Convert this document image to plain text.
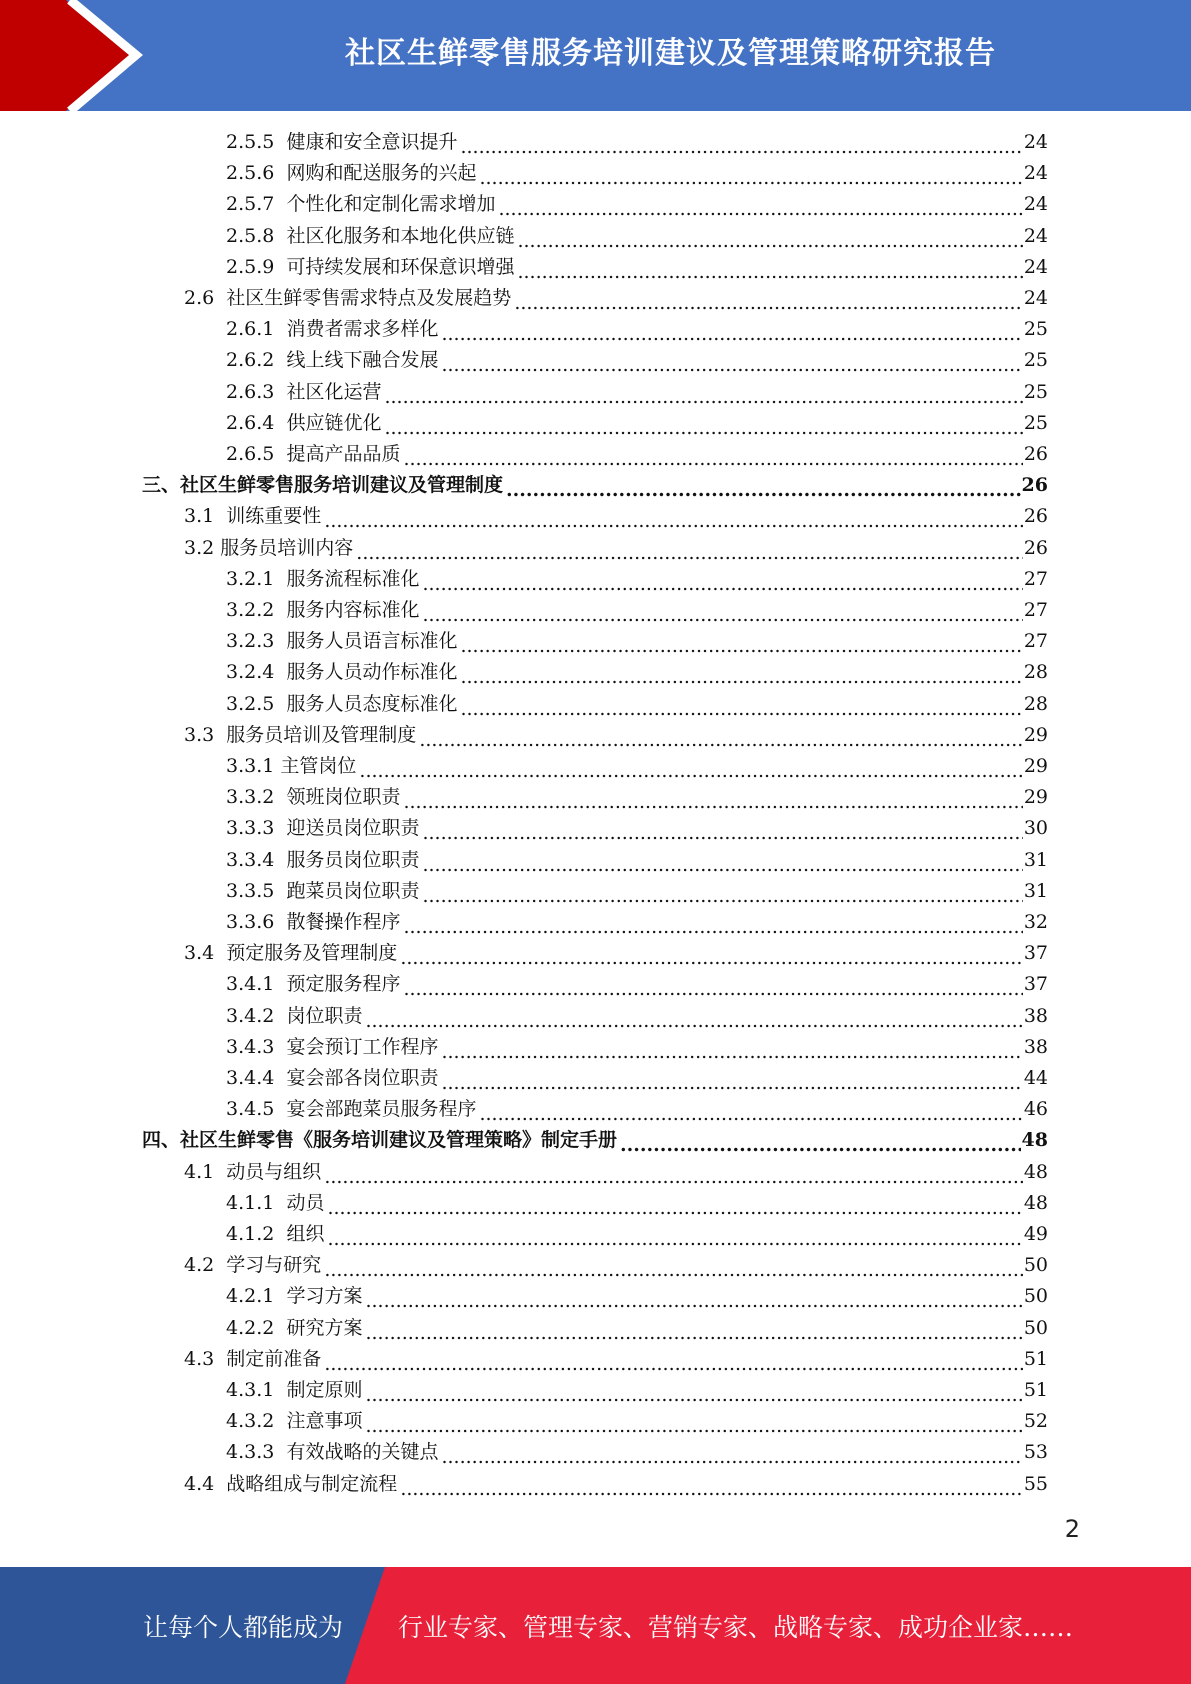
社区生鲜零售服务培训建议及管理策略研究报告
2.5.5 健康和安全意识提升 .....	24
2.5.6 网购和配送服务的兴起 .....	24
2.5.7 个性化和定制化需求增加 .....	24
2.5.8 社区化服务和本地化供应链 .....	24
2.5.9 可持续发展和环保意识增强 .....	24
2.6 社区生鲜零售需求特点及发展趋势 .....	24
2.6.1 消费者需求多样化 .....	25
2.6.2 线上线下融合发展 .....	25
2.6.3 社区化运营 .....	25
2.6.4 供应链优化 .....	25
2.6.5 提高产品品质 .....	26
三、社区生鲜零售服务培训建议及管理制度 .....	26
3.1 训练重要性 .....	26
3.2 服务员培训内容 .....	26
3.2.1 服务流程标准化 .....	27
3.2.2 服务内容标准化 .....	27
3.2.3 服务人员语言标准化 .....	27
3.2.4 服务人员动作标准化 .....	28
3.2.5 服务人员态度标准化 .....	28
3.3 服务员培训及管理制度 .....	29
3.3.1 主管岗位 .....	29
3.3.2 领班岗位职责 .....	29
3.3.3 迎送员岗位职责 .....	30
3.3.4 服务员岗位职责 .....	31
3.3.5 跑菜员岗位职责 .....	31
3.3.6 散餐操作程序 .....	32
3.4 预定服务及管理制度 .....	37
3.4.1 预定服务程序 .....	37
3.4.2 岗位职责 .....	38
3.4.3 宴会预订工作程序 .....	38
3.4.4 宴会部各岗位职责 .....	44
3.4.5 宴会部跑菜员服务程序 .....	46
四、社区生鲜零售《服务培训建议及管理策略》制定手册 .....	48
4.1 动员与组织 .....	48
4.1.1 动员 .....	48
4.1.2 组织 .....	49
4.2 学习与研究 .....	50
4.2.1 学习方案 .....	50
4.2.2 研究方案 .....	50
4.3 制定前准备 .....	51
4.3.1 制定原则 .....	51
4.3.2 注意事项 .....	52
4.3.3 有效战略的关键点 .....	53
4.4 战略组成与制定流程 .....	55
2
让每个人都能成为 行业专家、管理专家、营销专家、战略专家、成功企业家……
